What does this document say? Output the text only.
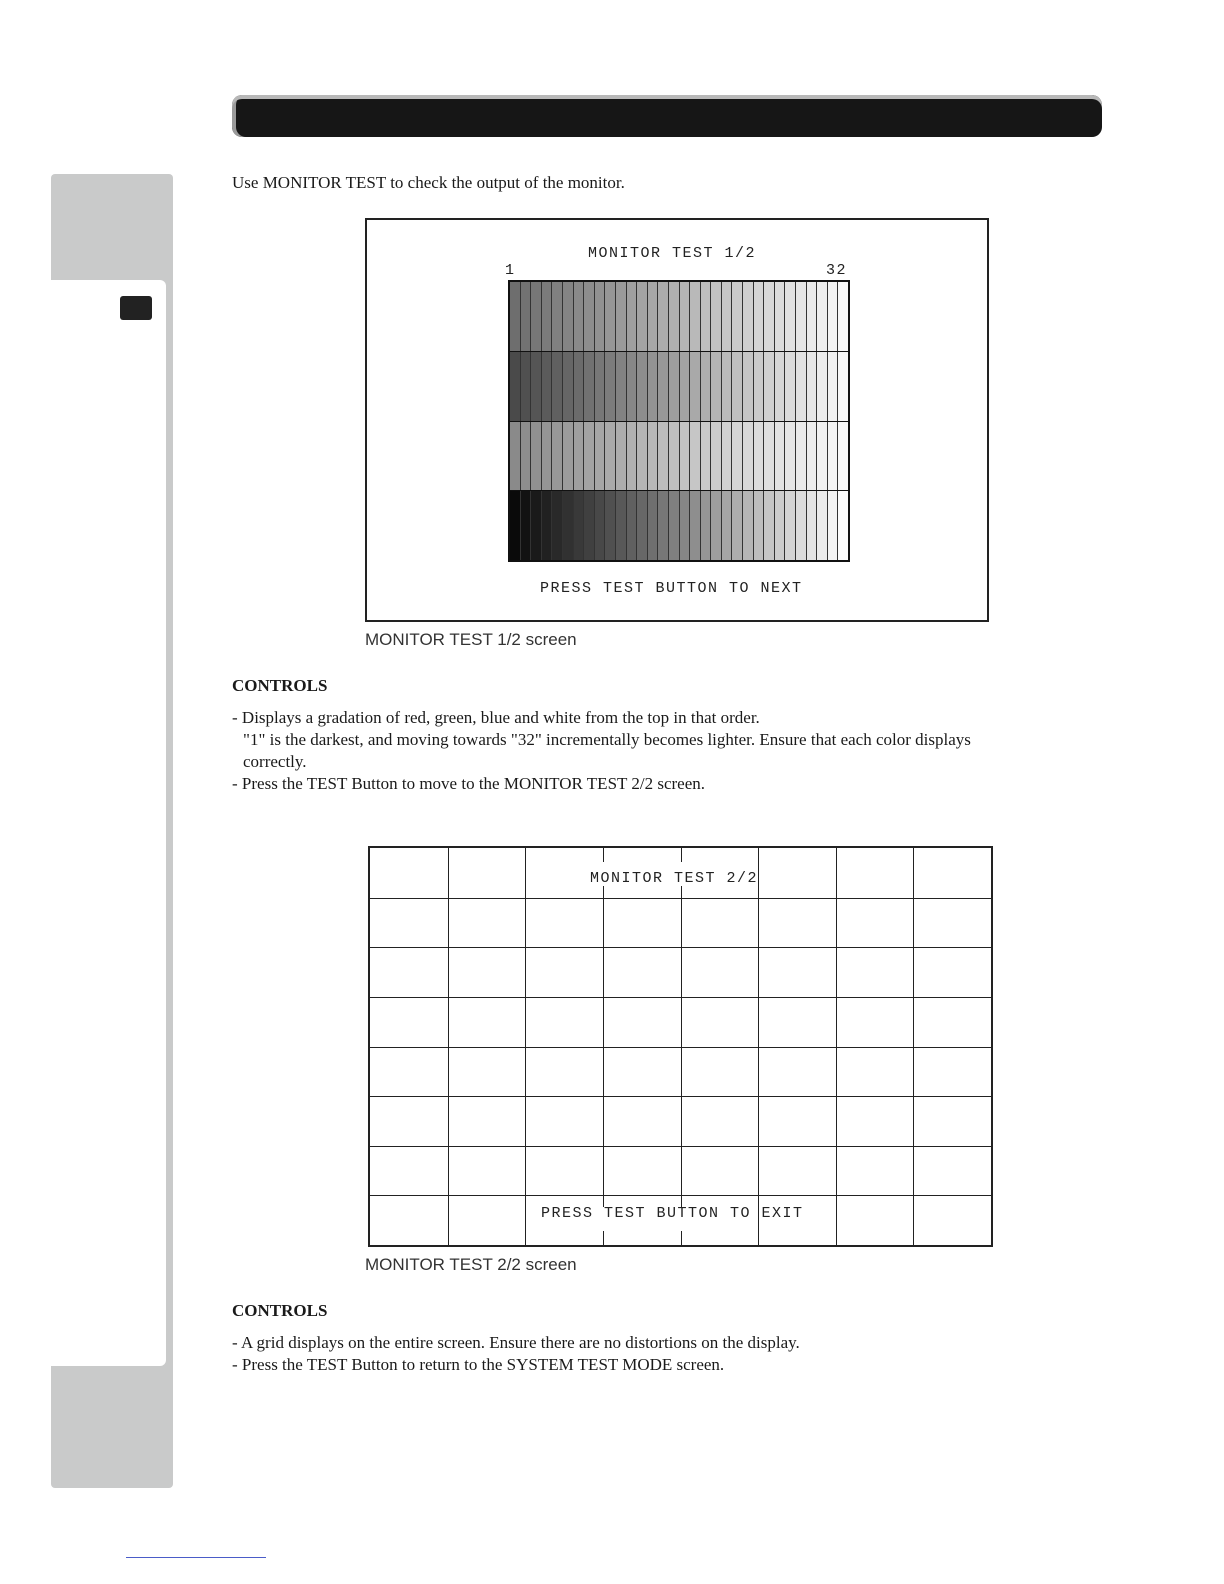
Use MONITOR TEST to check the output of the monitor.
MONITOR TEST 1/2
1	32
PRESS TEST BUTTON TO NEXT
MONITOR TEST 1/2 screen
CONTROLS
- Displays a gradation of red, green, blue and white from the top in that order.
"1" is the darkest, and moving towards "32" incrementally becomes lighter. Ensure that each color displays
correctly.
- Press the TEST Button to move to the MONITOR TEST 2/2 screen.
MONITOR TEST 2/2
PRESS TEST BUTTON TO EXIT
MONITOR TEST 2/2 screen
CONTROLS
- A grid displays on the entire screen. Ensure there are no distortions on the display.
- Press the TEST Button to return to the SYSTEM TEST MODE screen.
